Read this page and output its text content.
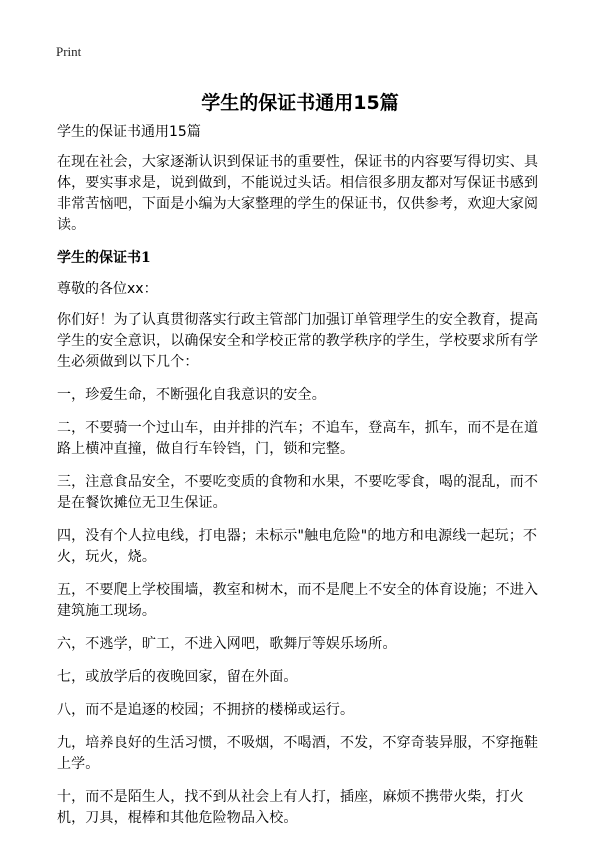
Print
学生的保证书通用15篇
学生的保证书通用15篇

在现在社会，大家逐渐认识到保证书的重要性，保证书的内容要写得切实、具体，要实事求是，说到做到，不能说过头话。相信很多朋友都对写保证书感到非常苦恼吧，下面是小编为大家整理的学生的保证书，仅供参考，欢迎大家阅读。

学生的保证书1
尊敬的各位xx：

你们好！为了认真贯彻落实行政主管部门加强订单管理学生的安全教育，提高学生的安全意识，以确保安全和学校正常的教学秩序的学生，学校要求所有学生必须做到以下几个：

一，珍爱生命，不断强化自我意识的安全。

二，不要骑一个过山车，由并排的汽车；不追车，登高车，抓车，而不是在道路上横冲直撞，做自行车铃铛，门，锁和完整。

三，注意食品安全，不要吃变质的食物和水果，不要吃零食，喝的混乱，而不是在餐饮摊位无卫生保证。

四，没有个人拉电线，打电器；未标示"触电危险"的地方和电源线一起玩；不火，玩火，烧。

五，不要爬上学校围墙，教室和树木，而不是爬上不安全的体育设施；不进入建筑施工现场。

六，不逃学，旷工，不进入网吧，歌舞厅等娱乐场所。

七，或放学后的夜晚回家，留在外面。

八，而不是追逐的校园；不拥挤的楼梯或运行。

九，培养良好的生活习惯，不吸烟，不喝酒，不发，不穿奇装异服，不穿拖鞋上学。

十，而不是陌生人，找不到从社会上有人打，插座，麻烦不携带火柴，打火机，刀具，棍棒和其他危险物品入校。
